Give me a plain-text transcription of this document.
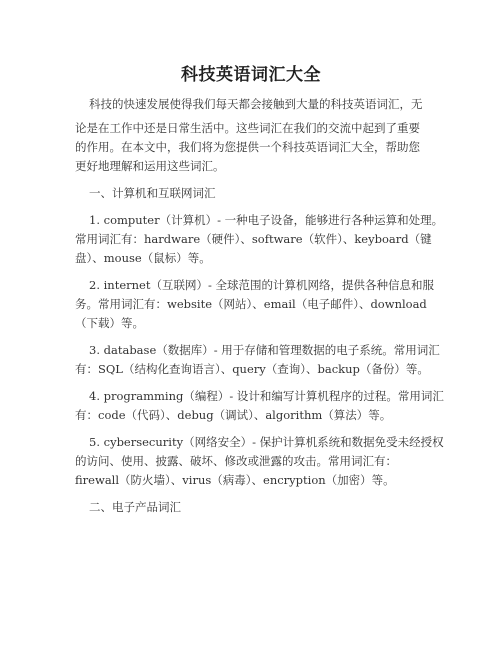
科技英语词汇大全
科技的快速发展使得我们每天都会接触到大量的科技英语词汇，无
论是在工作中还是日常生活中。这些词汇在我们的交流中起到了重要
的作用。在本文中，我们将为您提供一个科技英语词汇大全，帮助您
更好地理解和运用这些词汇。
一、计算机和互联网词汇
1. computer（计算机）- 一种电子设备，能够进行各种运算和处理。
常用词汇有：hardware（硬件）、software（软件）、keyboard（键
盘）、mouse（鼠标）等。
2. internet（互联网）- 全球范围的计算机网络，提供各种信息和服
务。常用词汇有：website（网站）、email（电子邮件）、download
（下载）等。
3. database（数据库）- 用于存储和管理数据的电子系统。常用词汇
有：SQL（结构化查询语言）、query（查询）、backup（备份）等。
4. programming（编程）- 设计和编写计算机程序的过程。常用词汇
有：code（代码）、debug（调试）、algorithm（算法）等。
5. cybersecurity（网络安全）- 保护计算机系统和数据免受未经授权
的访问、使用、披露、破坏、修改或泄露的攻击。常用词汇有：
firewall（防火墙）、virus（病毒）、encryption（加密）等。
二、电子产品词汇
